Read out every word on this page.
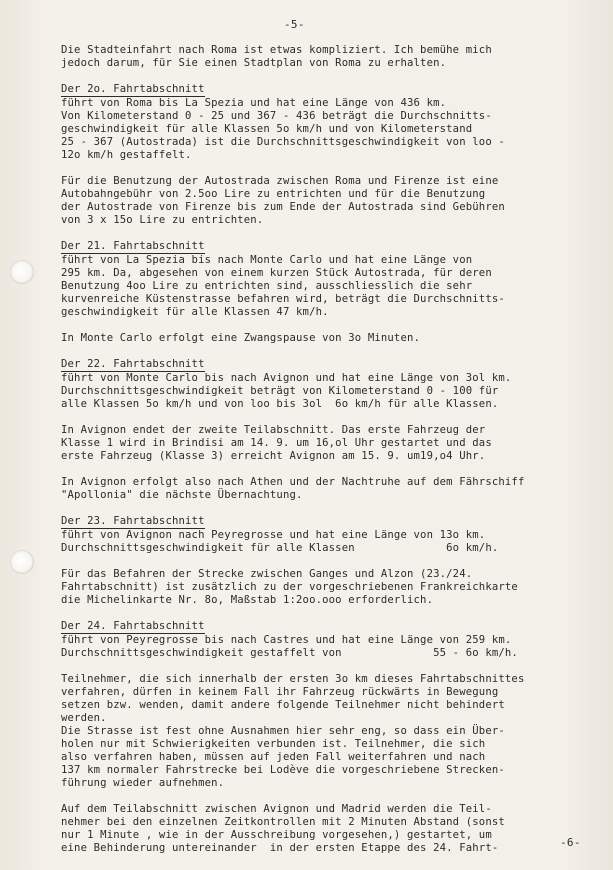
-5-
Die Stadteinfahrt nach Roma ist etwas kompliziert. Ich bemühe mich
jedoch darum, für Sie einen Stadtplan von Roma zu erhalten.
Der 2o. Fahrtabschnitt
führt von Roma bis La Spezia und hat eine Länge von 436 km.
Von Kilometerstand 0 - 25 und 367 - 436 beträgt die Durchschnitts-
geschwindigkeit für alle Klassen 5o km/h und von Kilometerstand
25 - 367 (Autostrada) ist die Durchschnittsgeschwindigkeit von loo -
12o km/h gestaffelt.
Für die Benutzung der Autostrada zwischen Roma und Firenze ist eine
Autobahngebühr von 2.5oo Lire zu entrichten und für die Benutzung
der Autostrade von Firenze bis zum Ende der Autostrada sind Gebühren
von 3 x 15o Lire zu entrichten.
Der 21. Fahrtabschnitt
führt von La Spezia bis nach Monte Carlo und hat eine Länge von
295 km. Da, abgesehen von einem kurzen Stück Autostrada, für deren
Benutzung 4oo Lire zu entrichten sind, ausschliesslich die sehr
kurvenreiche Küstenstrasse befahren wird, beträgt die Durchschnitts-
geschwindigkeit für alle Klassen 47 km/h.
In Monte Carlo erfolgt eine Zwangspause von 3o Minuten.
Der 22. Fahrtabschnitt
führt von Monte Carlo bis nach Avignon und hat eine Länge von 3ol km.
Durchschnittsgeschwindigkeit beträgt von Kilometerstand 0 - 100 für
alle Klassen 5o km/h und von loo bis 3ol  6o km/h für alle Klassen.
In Avignon endet der zweite Teilabschnitt. Das erste Fahrzeug der
Klasse 1 wird in Brindisi am 14. 9. um 16,ol Uhr gestartet und das
erste Fahrzeug (Klasse 3) erreicht Avignon am 15. 9. um19,o4 Uhr.
In Avignon erfolgt also nach Athen und der Nachtruhe auf dem Fährschiff
"Apollonia" die nächste Übernachtung.
Der 23. Fahrtabschnitt
führt von Avignon nach Peyregrosse und hat eine Länge von 13o km.
Durchschnittsgeschwindigkeit für alle Klassen              6o km/h.
Für das Befahren der Strecke zwischen Ganges und Alzon (23./24.
Fahrtabschnitt) ist zusätzlich zu der vorgeschriebenen Frankreichkarte
die Michelinkarte Nr. 8o, Maßstab 1:2oo.ooo erforderlich.
Der 24. Fahrtabschnitt
führt von Peyregrosse bis nach Castres und hat eine Länge von 259 km.
Durchschnittsgeschwindigkeit gestaffelt von              55 - 6o km/h.
Teilnehmer, die sich innerhalb der ersten 3o km dieses Fahrtabschnittes
verfahren, dürfen in keinem Fall ihr Fahrzeug rückwärts in Bewegung
setzen bzw. wenden, damit andere folgende Teilnehmer nicht behindert
werden.
Die Strasse ist fest ohne Ausnahmen hier sehr eng, so dass ein Über-
holen nur mit Schwierigkeiten verbunden ist. Teilnehmer, die sich
also verfahren haben, müssen auf jeden Fall weiterfahren und nach
137 km normaler Fahrstrecke bei Lodève die vorgeschriebene Strecken-
führung wieder aufnehmen.
Auf dem Teilabschnitt zwischen Avignon und Madrid werden die Teil-
nehmer bei den einzelnen Zeitkontrollen mit 2 Minuten Abstand (sonst
nur 1 Minute , wie in der Ausschreibung vorgesehen,) gestartet, um
eine Behinderung untereinander  in der ersten Etappe des 24. Fahrt-	-6-
